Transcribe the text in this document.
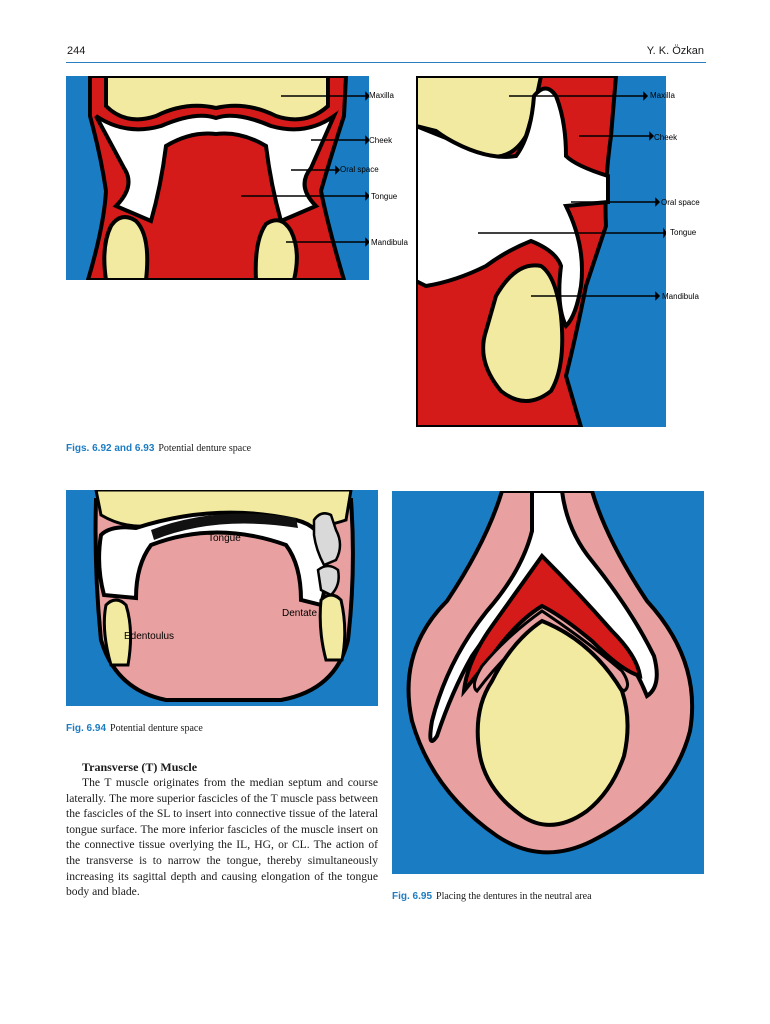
244	Y. K. Özkan
Maxilla
Cheek
Oral space
Tongue
Mandibula
Maxilla
Cheek
Oral space
Tongue
Mandibula
Figs. 6.92 and 6.93 Potential denture space
Tongue
Dentate
Edentoulus
Fig. 6.94 Potential denture space
Fig. 6.95 Placing the dentures in the neutral area
Transverse (T) Muscle
The T muscle originates from the median septum and course laterally. The more superior fascicles of the T muscle pass between the fascicles of the SL to insert into connective tissue of the lateral tongue surface. The more inferior fascicles of the muscle insert on the connective tissue overlying the IL, HG, or CL. The action of the transverse is to narrow the tongue, thereby simultaneously increasing its sagittal depth and causing elongation of the tongue body and blade.
